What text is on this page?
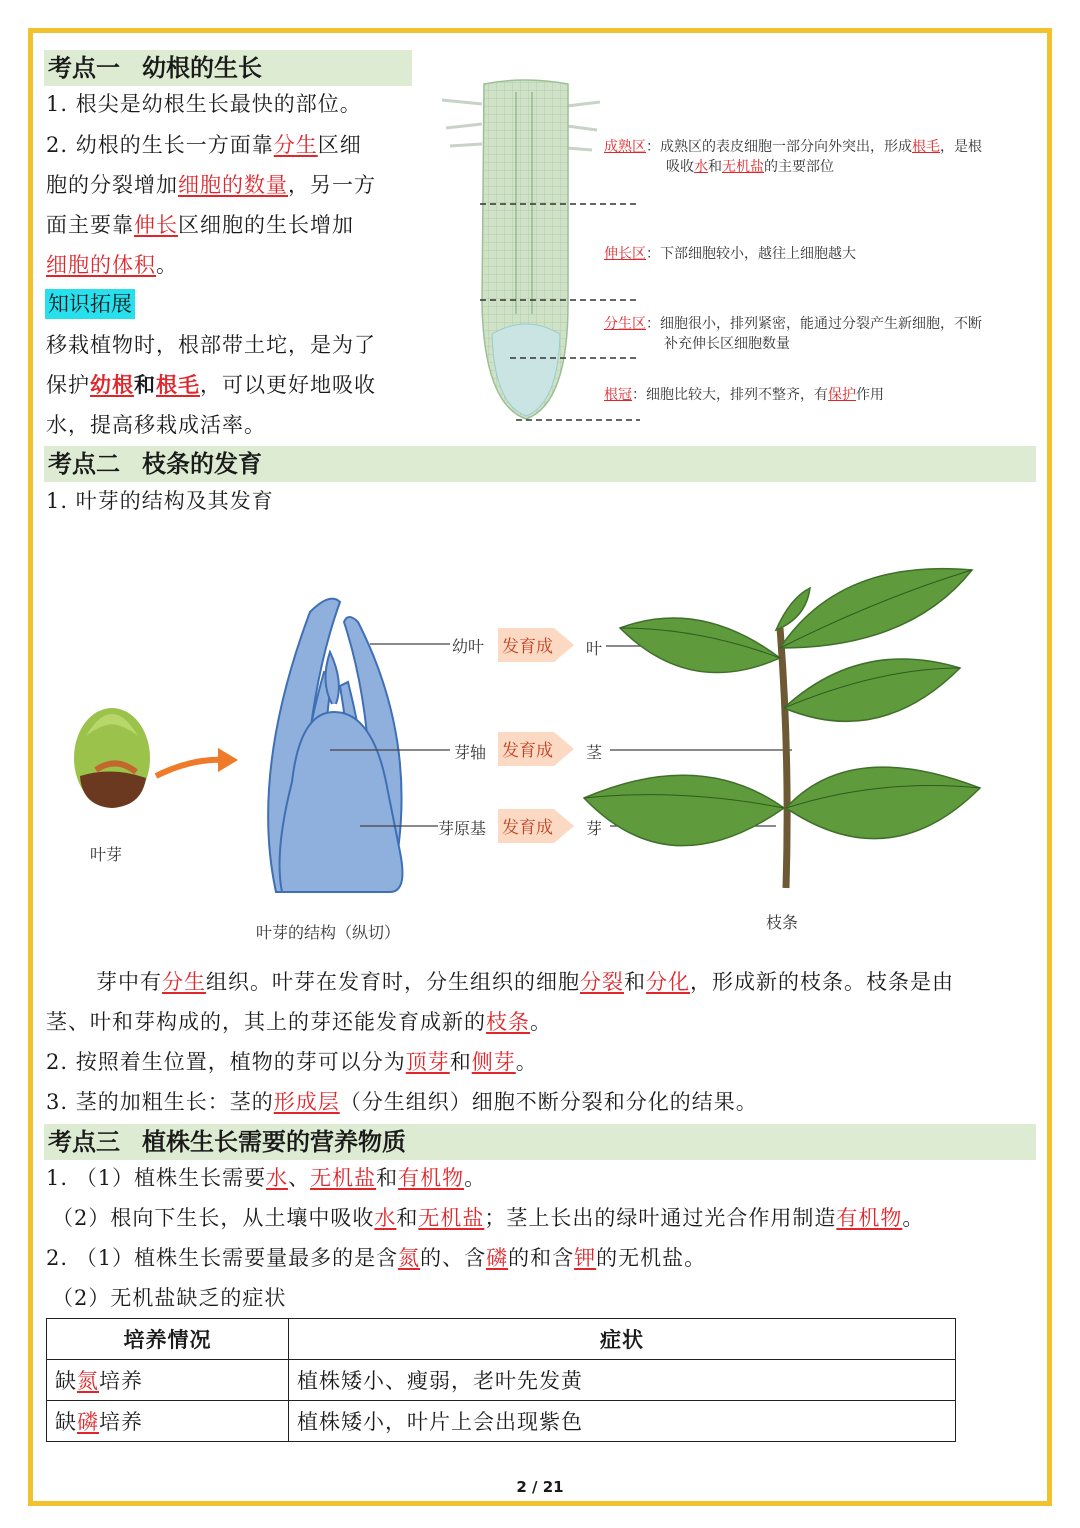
考点一 幼根的生长
1. 根尖是幼根生长最快的部位。
2. 幼根的生长一方面靠分生区细
胞的分裂增加细胞的数量，另一方
面主要靠伸长区细胞的生长增加
细胞的体积。
知识拓展
移栽植物时，根部带土坨，是为了
保护幼根和根毛，可以更好地吸收
水，提高移栽成活率。
成熟区：成熟区的表皮细胞一部分向外突出，形成根毛，是根
吸收水和无机盐的主要部位
伸长区：下部细胞较小，越往上细胞越大
分生区：细胞很小，排列紧密，能通过分裂产生新细胞，不断
补充伸长区细胞数量
根冠：细胞比较大，排列不整齐，有保护作用
考点二 枝条的发育
1. 叶芽的结构及其发育
叶芽
叶芽的结构（纵切）
幼叶
芽轴
芽原基
发育成
发育成
发育成
叶
茎
芽
枝条
芽中有分生组织。叶芽在发育时，分生组织的细胞分裂和分化，形成新的枝条。枝条是由
茎、叶和芽构成的，其上的芽还能发育成新的枝条。
2. 按照着生位置，植物的芽可以分为顶芽和侧芽。
3. 茎的加粗生长：茎的形成层（分生组织）细胞不断分裂和分化的结果。
考点三 植株生长需要的营养物质
1. （1）植株生长需要水、无机盐和有机物。
（2）根向下生长，从土壤中吸收水和无机盐；茎上长出的绿叶通过光合作用制造有机物。
2. （1）植株生长需要量最多的是含氮的、含磷的和含钾的无机盐。
（2）无机盐缺乏的症状
培养情况	症状
缺氮培养	植株矮小、瘦弱，老叶先发黄
缺磷培养	植株矮小，叶片上会出现紫色
2 / 21
